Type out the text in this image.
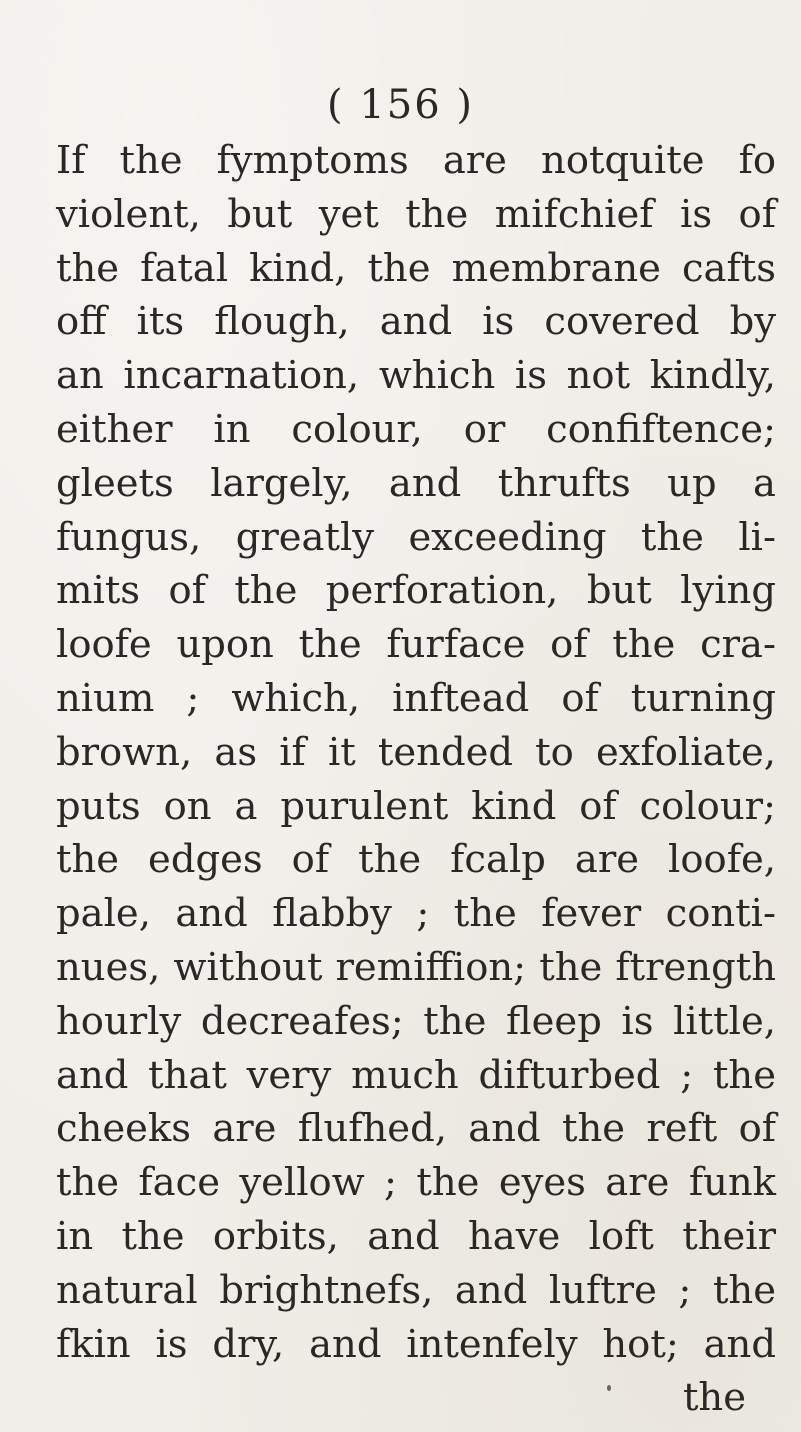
( 156 )
If the fymptoms are notquite fo
violent, but yet the mifchief is of
the fatal kind, the membrane cafts
off its flough, and is covered by
an incarnation, which is not kindly,
either in colour, or confiftence;
gleets largely, and thrufts up a
fungus, greatly exceeding the li-
mits of the perforation, but lying
loofe upon the furface of the cra-
nium ; which, inftead of turning
brown, as if it tended to exfoliate,
puts on a purulent kind of colour;
the edges of the fcalp are loofe,
pale, and flabby ; the fever conti-
nues, without remiffion; the ftrength
hourly decreafes; the fleep is little,
and that very much difturbed ; the
cheeks are flufhed, and the reft of
the face yellow ; the eyes are funk
in the orbits, and have loft their
natural brightnefs, and luftre ; the
fkin is dry, and intenfely hot; and
the
